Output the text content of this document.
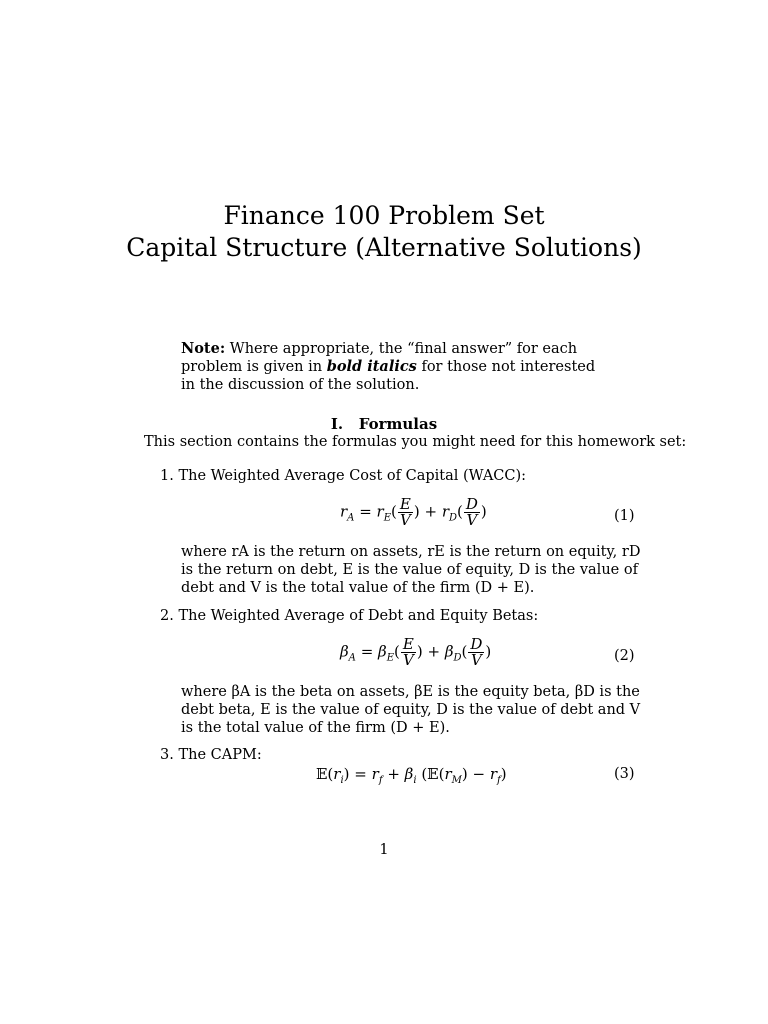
Finance 100 Problem Set
Capital Structure (Alternative Solutions)
Note: Where appropriate, the “final answer” for each problem is given in bold italics for those not interested in the discussion of the solution.
I. Formulas
This section contains the formulas you might need for this homework set:
1. The Weighted Average Cost of Capital (WACC):
$r_A = r_E( \frac{E}{V}$ ) + $r_D( \frac{D}{V}$ )	(1)
where rA is the return on assets, rE is the return on equity, rD is the return on debt, E is the value of equity, D is the value of debt and V is the total value of the firm (D + E).
2. The Weighted Average of Debt and Equity Betas:
$\beta_A = \beta_E( \frac{E}{V}$ ) + $\beta_D( \frac{D}{V}$ )	(2)
where βA is the beta on assets, βE is the equity beta, βD is the debt beta, E is the value of equity, D is the value of debt and V is the total value of the firm (D + E).
3. The CAPM:
$𝔼(r_i) = r_f + \beta_i$ $(𝔼(r_M) - r_f)$	(3)
1
